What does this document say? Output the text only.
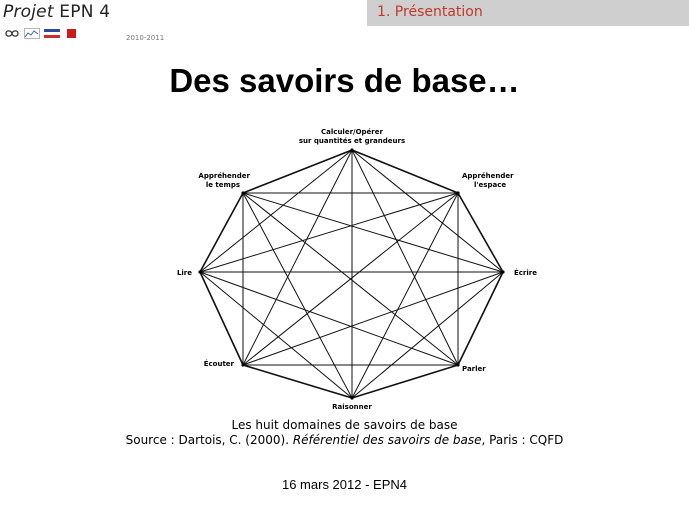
Projet EPN 4
2010-2011
1. Présentation
Des savoirs de base…
Calculer/Opérer
sur quantités et grandeurs
Appréhender
l'espace
Écrire
Parler
Raisonner
Écouter
Lire
Appréhender
le temps
Les huit domaines de savoirs de base
Source : Dartois, C. (2000). Référentiel des savoirs de base, Paris : CQFD
16 mars 2012 - EPN4
